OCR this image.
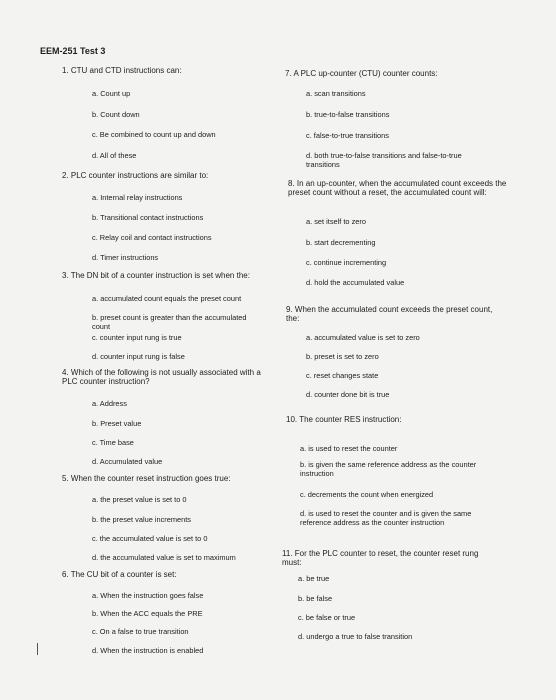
EEM-251 Test 3
1. CTU and CTD instructions can:
a. Count up
b. Count down
c. Be combined to count up and down
d. All of these
2. PLC counter instructions are similar to:
a. Internal relay instructions
b. Transitional contact instructions
c. Relay coil and contact instructions
d. Timer instructions
3. The DN bit of a counter instruction is set when the:
a. accumulated count equals the preset count
b. preset count is greater than the accumulated count
c. counter input rung is true
d. counter input rung is false
4. Which of the following is not usually associated with a PLC counter instruction?
a. Address
b. Preset value
c. Time base
d. Accumulated value
5. When the counter reset instruction goes true:
a. the preset value is set to 0
b. the preset value increments
c. the accumulated value is set to 0
d. the accumulated value is set to maximum
6. The CU bit of a counter is set:
a. When the instruction goes false
b. When the ACC equals the PRE
c. On a false to true transition
d. When the instruction is enabled
7. A PLC up-counter (CTU) counter counts:
a. scan transitions
b. true-to-false transitions
c. false-to-true transitions
d. both true-to-false transitions and false-to-true transitions
8. In an up-counter, when the accumulated count exceeds the preset count without a reset, the accumulated count will:
a. set itself to zero
b. start decrementing
c. continue incrementing
d. hold the accumulated value
9. When the accumulated count exceeds the preset count, the:
a. accumulated value is set to zero
b. preset is set to zero
c. reset changes state
d. counter done bit is true
10. The counter RES instruction:
a. is used to reset the counter
b. is given the same reference address as the counter instruction
c. decrements the count when energized
d. is used to reset the counter and is given the same reference address as the counter instruction
11. For the PLC counter to reset, the counter reset rung must:
a. be true
b. be false
c. be false or true
d. undergo a true to false transition
